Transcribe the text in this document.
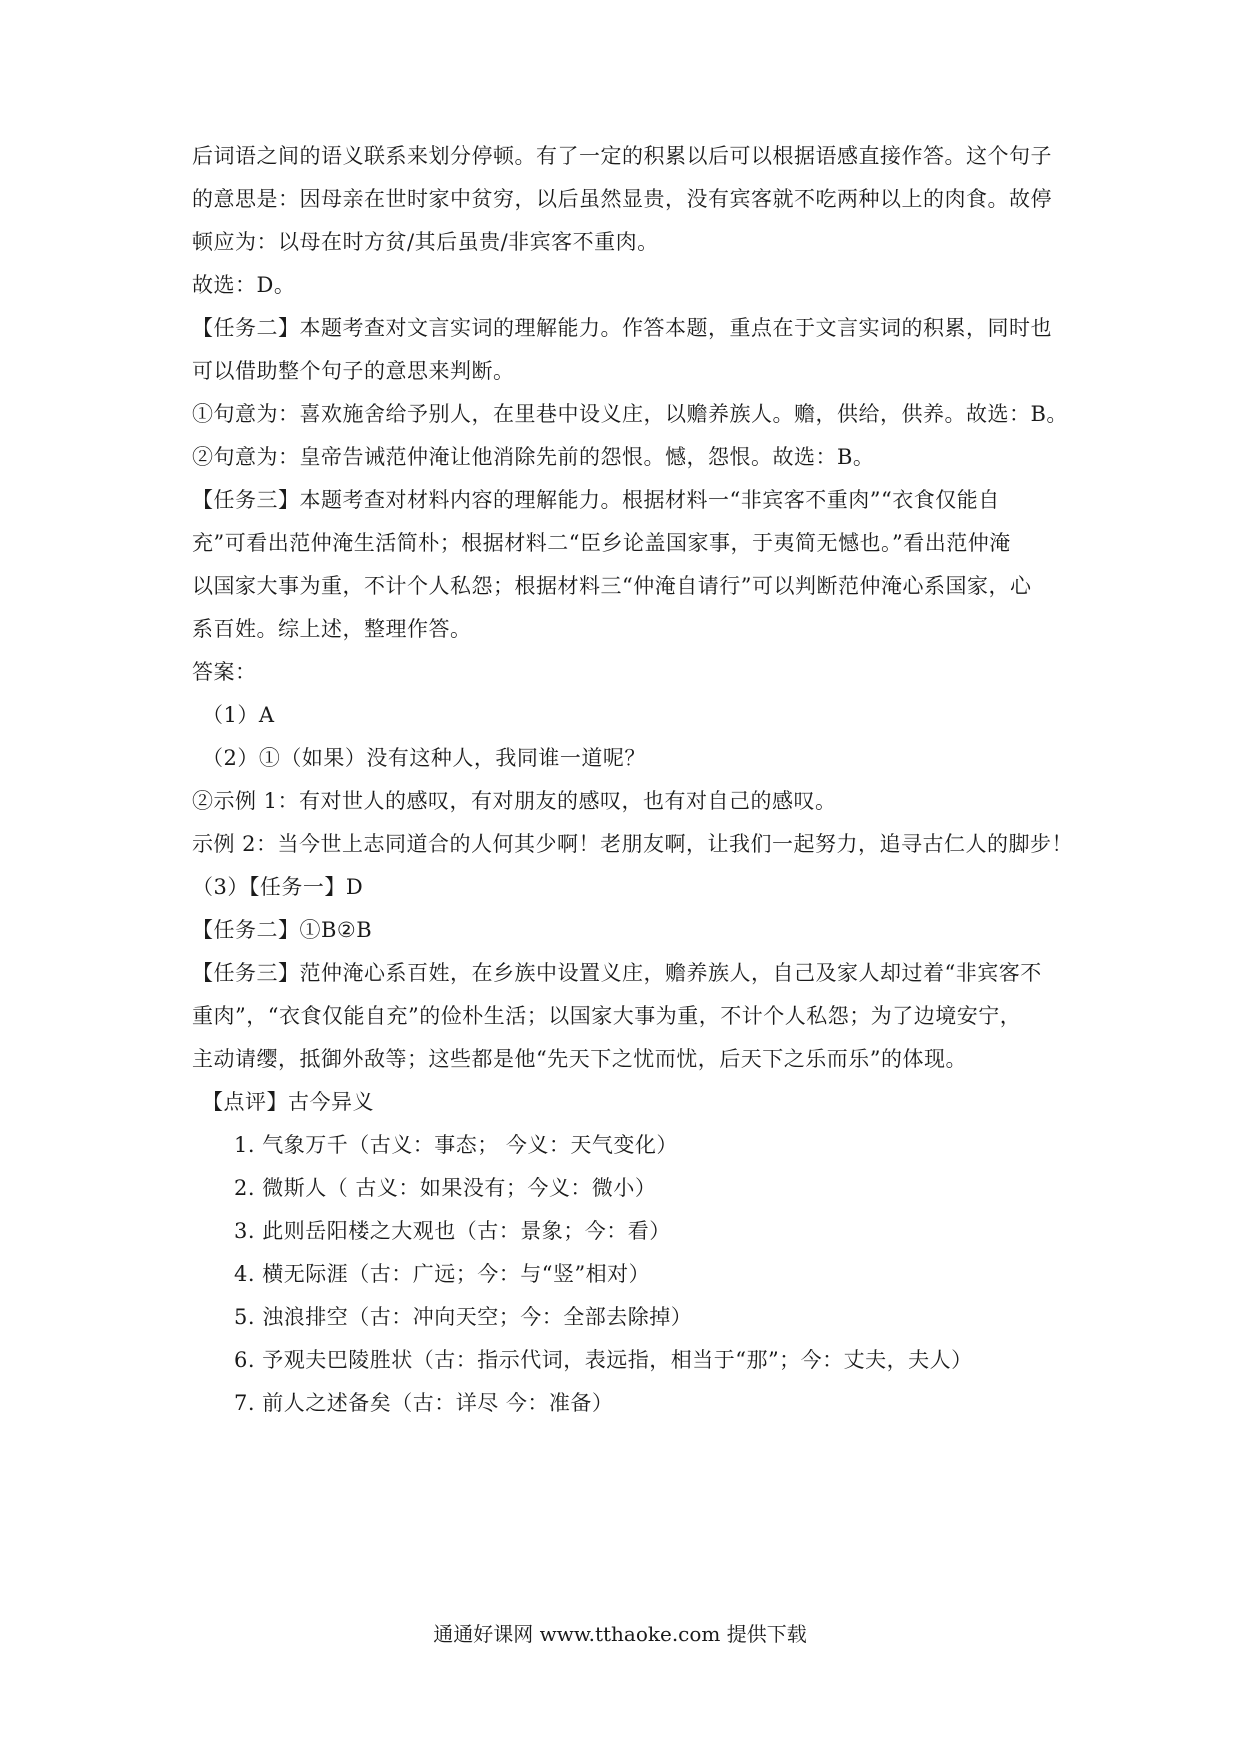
后词语之间的语义联系来划分停顿。有了一定的积累以后可以根据语感直接作答。这个句子
的意思是：因母亲在世时家中贫穷，以后虽然显贵，没有宾客就不吃两种以上的肉食。故停
顿应为：以母在时方贫/其后虽贵/非宾客不重肉。
故选：D。
【任务二】本题考查对文言实词的理解能力。作答本题，重点在于文言实词的积累，同时也
可以借助整个句子的意思来判断。
①句意为：喜欢施舍给予别人，在里巷中设义庄，以赡养族人。赡，供给，供养。故选：B。
②句意为：皇帝告诫范仲淹让他消除先前的怨恨。憾，怨恨。故选：B。
【任务三】本题考查对材料内容的理解能力。根据材料一“非宾客不重肉”“衣食仅能自
充”可看出范仲淹生活简朴；根据材料二“臣乡论盖国家事，于夷简无憾也。”看出范仲淹
以国家大事为重，不计个人私怨；根据材料三“仲淹自请行”可以判断范仲淹心系国家，心
系百姓。综上述，整理作答。
答案：
（1）A
（2）①（如果）没有这种人，我同谁一道呢？
②示例 1：有对世人的感叹，有对朋友的感叹，也有对自己的感叹。
示例 2：当今世上志同道合的人何其少啊！老朋友啊，让我们一起努力，追寻古仁人的脚步！
（3）【任务一】D
【任务二】①B②B
【任务三】范仲淹心系百姓，在乡族中设置义庄，赡养族人，自己及家人却过着“非宾客不
重肉”，“衣食仅能自充”的俭朴生活；以国家大事为重，不计个人私怨；为了边境安宁，
主动请缨，抵御外敌等；这些都是他“先天下之忧而忧，后天下之乐而乐”的体现。
【点评】古今异义
1. 气象万千（古义：事态； 今义：天气变化）
2. 微斯人（ 古义：如果没有；今义：微小）
3. 此则岳阳楼之大观也（古：景象；今：看）
4. 横无际涯（古：广远；今：与“竖”相对）
5. 浊浪排空（古：冲向天空；今：全部去除掉）
6. 予观夫巴陵胜状（古：指示代词，表远指，相当于“那”；今：丈夫，夫人）
7. 前人之述备矣（古：详尽 今：准备）
通通好课网 www.tthaoke.com 提供下载
